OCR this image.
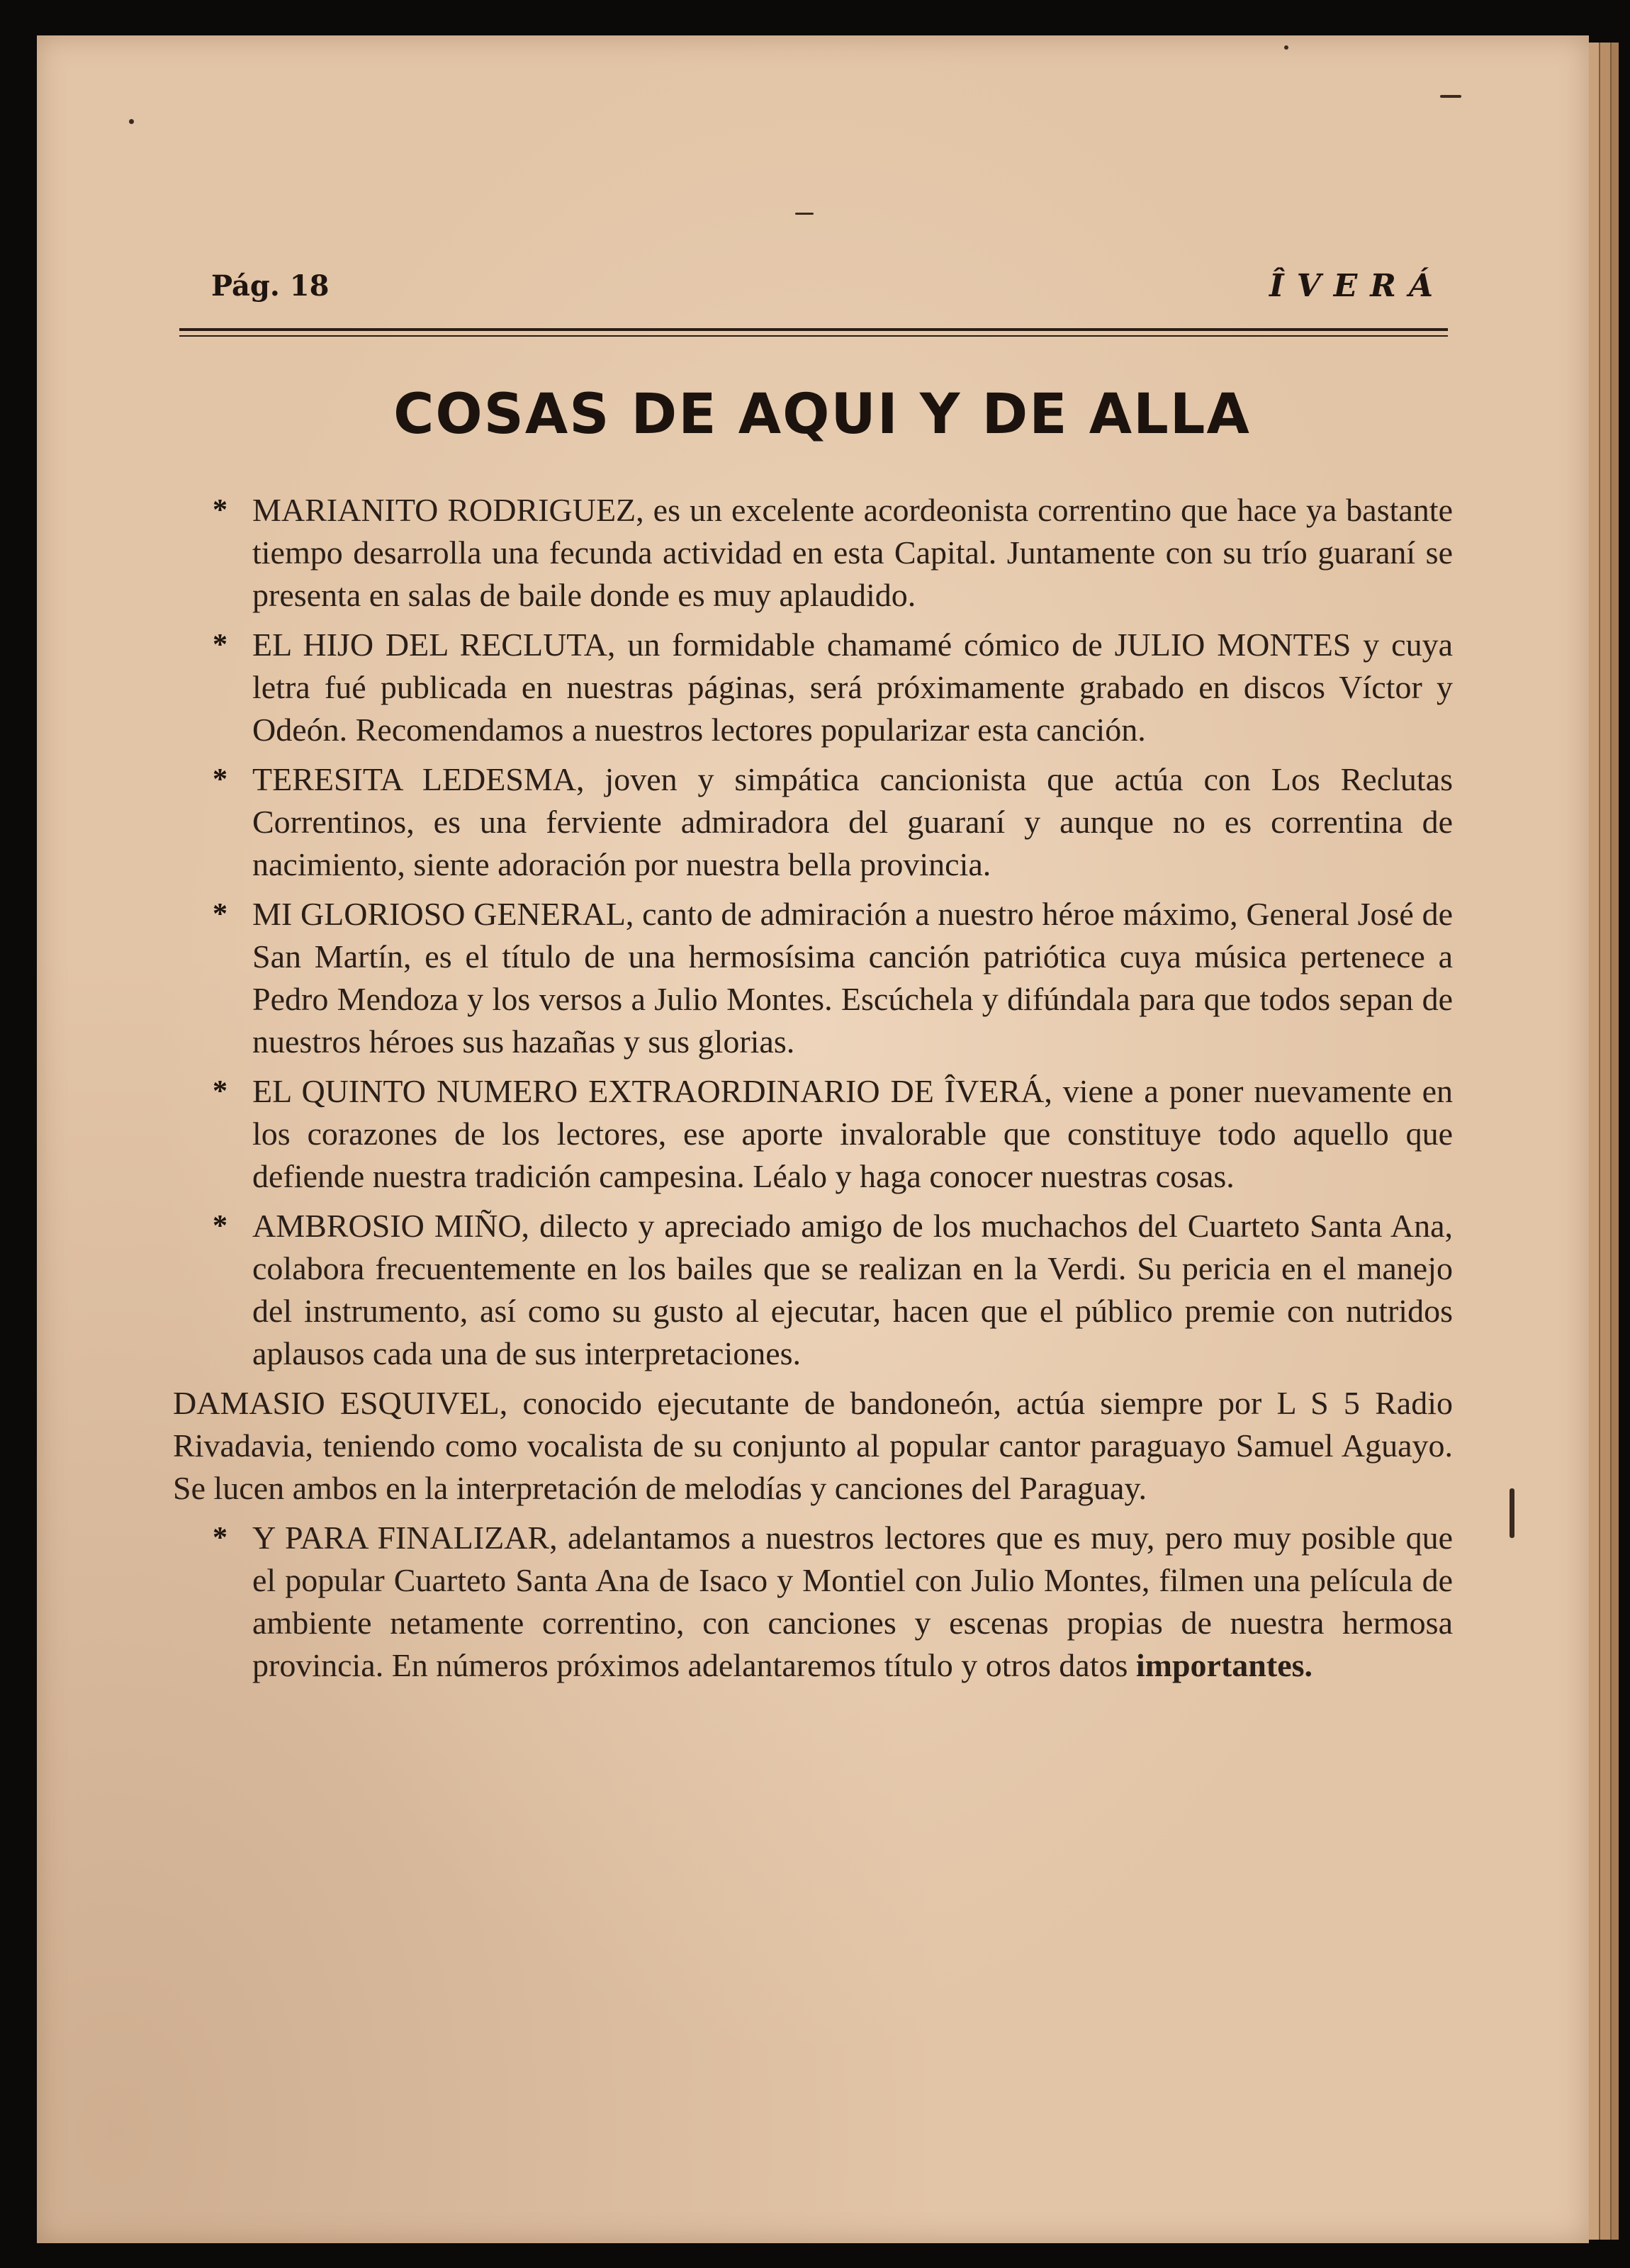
Pág. 18	ÎVERÁ
COSAS DE AQUI Y DE ALLA
* MARIANITO RODRIGUEZ, es un excelente acordeonista correntino que hace ya bastante tiempo desarrolla una fecunda actividad en esta Capital. Juntamente con su trío guaraní se presenta en salas de baile donde es muy aplaudido.
* EL HIJO DEL RECLUTA, un formidable chamamé cómico de JULIO MONTES y cuya letra fué publicada en nuestras páginas, será próximamente grabado en discos Víctor y Odeón. Recomendamos a nuestros lectores popularizar esta canción.
* TERESITA LEDESMA, joven y simpática cancionista que actúa con Los Reclutas Correntinos, es una ferviente admiradora del guaraní y aunque no es correntina de nacimiento, siente adoración por nuestra bella provincia.
* MI GLORIOSO GENERAL, canto de admiración a nuestro héroe máximo, General José de San Martín, es el título de una hermosísima canción patriótica cuya música pertenece a Pedro Mendoza y los versos a Julio Montes. Escúchela y difúndala para que todos sepan de nuestros héroes sus hazañas y sus glorias.
* EL QUINTO NUMERO EXTRAORDINARIO DE ÎVERÁ, viene a poner nuevamente en los corazones de los lectores, ese aporte invalorable que constituye todo aquello que defiende nuestra tradición campesina. Léalo y haga conocer nuestras cosas.
* AMBROSIO MIÑO, dilecto y apreciado amigo de los muchachos del Cuarteto Santa Ana, colabora frecuentemente en los bailes que se realizan en la Verdi. Su pericia en el manejo del instrumento, así como su gusto al ejecutar, hacen que el público premie con nutridos aplausos cada una de sus interpretaciones.
DAMASIO ESQUIVEL, conocido ejecutante de bandoneón, actúa siempre por L S 5 Radio Rivadavia, teniendo como vocalista de su conjunto al popular cantor paraguayo Samuel Aguayo. Se lucen ambos en la interpretación de melodías y canciones del Paraguay.
* Y PARA FINALIZAR, adelantamos a nuestros lectores que es muy, pero muy posible que el popular Cuarteto Santa Ana de Isaco y Montiel con Julio Montes, filmen una película de ambiente netamente correntino, con canciones y escenas propias de nuestra hermosa provincia. En números próximos adelantaremos título y otros datos importantes.
